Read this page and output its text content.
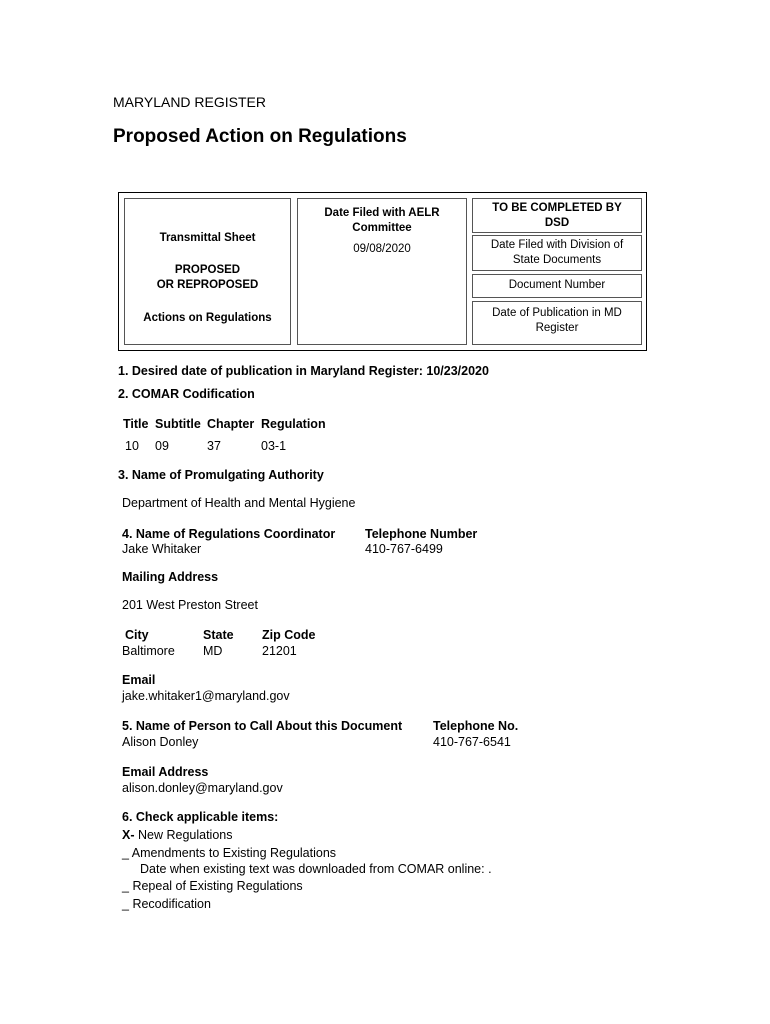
MARYLAND REGISTER
Proposed Action on Regulations
Transmittal Sheet
PROPOSED
OR REPROPOSED
Actions on Regulations
Date Filed with AELR
Committee
09/08/2020
TO BE COMPLETED BY
DSD
Date Filed with Division of
State Documents
Document Number
Date of Publication in MD
Register
1. Desired date of publication in Maryland Register: 10/23/2020
2. COMAR Codification
Title Subtitle Chapter Regulation
10 09	37	03-1
3. Name of Promulgating Authority
Department of Health and Mental Hygiene
4. Name of Regulations Coordinator
Jake Whitaker
Telephone Number
410-767-6499
Mailing Address
201 West Preston Street
City
Baltimore
State
MD
Zip Code
21201
Email
jake.whitaker1@maryland.gov
5. Name of Person to Call About this Document
Alison Donley
Telephone No.
410-767-6541
Email Address
alison.donley@maryland.gov
6. Check applicable items:
X- New Regulations
_ Amendments to Existing Regulations
Date when existing text was downloaded from COMAR online: .
_ Repeal of Existing Regulations
_ Recodification
